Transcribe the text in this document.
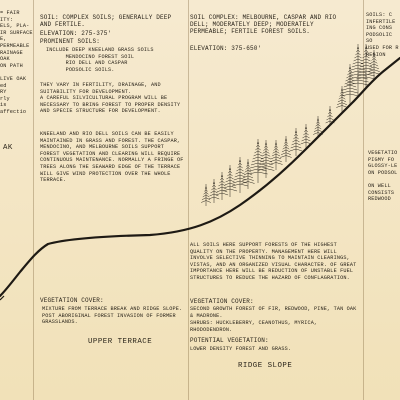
= FAIR
ITY:
ELS, PLA-
IR SURFACE
E, PERMEABLE
RAINAGE
OAK
ON PATH

LIVE OAK
ed
RY
rly
is affectio
AK
SOIL: COMPLEX SOILS; GENERALLY DEEP AND FERTILE.
ELEVATION: 275-375'
PROMINENT SOILS:
INCLUDE DEEP KNEELAND GRASS SOILS
MENDOCINO FOREST SOIL
RIO DELL AND CASPAR
PODSOLIC SOILS.
THEY VARY IN FERTILITY, DRAINAGE, AND SUITABILITY FOR DEVELOPMENT.
A CAREFUL SILVICULTURAL PROGRAM WILL BE NECESSARY TO BRING FOREST TO PROPER DENSITY AND SPECIE STRUCTURE FOR DEVELOPMENT.
KNEELAND AND RIO DELL SOILS CAN BE EASILY MAINTAINED IN GRASS AND FOREST. THE CASPAR, MENDOCINO, AND MELBOURNE SOILS SUPPORT FOREST VEGETATION AND CLEARING WILL REQUIRE CONTINUOUS MAINTENANCE. NORMALLY A FRINGE OF TREES ALONG THE SEAWARD EDGE OF THE TERRACE WILL GIVE WIND PROTECTION OVER THE WHOLE TERRACE.
SOIL COMPLEX: MELBOURNE, CASPAR AND RIO DELL; MODERATELY DEEP; MODERATELY PERMEABLE; FERTILE FOREST SOILS.
ELEVATION: 375-650'
SOILS: C
INFERTILE
ING CONS
PODSOLIC SO
USED FOR R
REGION
VEGETATIO
PIGMY FO
GLOSSY-LE
ON PODSOL

ON WELL
CONSISTS
REDWOOD
ALL SOILS HERE SUPPORT FORESTS OF THE HIGHEST QUALITY ON THE PROPERTY. MANAGEMENT HERE WILL INVOLVE SELECTIVE THINNING TO MAINTAIN CLEARINGS, VISTAS, AND AN ORGANIZED VISUAL CHARACTER. OF GREAT IMPORTANCE HERE WILL BE REDUCTION OF UNSTABLE FUEL STRUCTURES TO REDUCE THE HAZARD OF CONFLAGRATION.
VEGETATION COVER:
SECOND GROWTH FOREST OF FIR, REDWOOD, PINE, TAN OAK & MADRONE.
SHRUBS: HUCKLEBERRY, CEANOTHUS, MYRICA, RHODODENDRON.
POTENTIAL VEGETATION:
LOWER DENSITY FOREST AND GRASS.
VEGETATION COVER:
MIXTURE FROM TERRACE BREAK AND RIDGE SLOPE. POST ABORIGINAL FOREST INVASION OF FORMER GRASSLANDS.
UPPER TERRACE
RIDGE SLOPE
